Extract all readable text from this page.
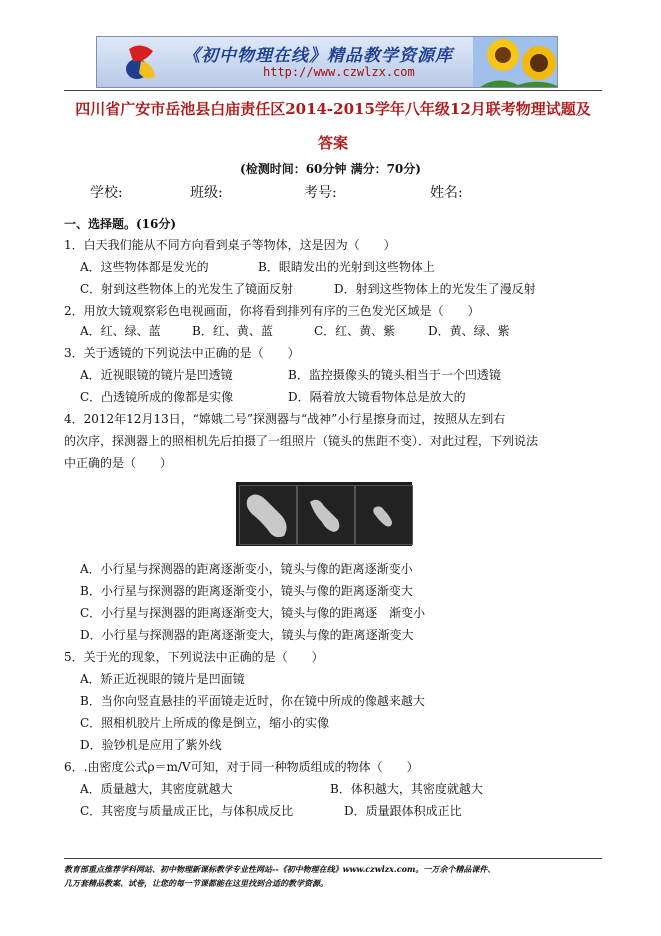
《初中物理在线》精品教学资源库
http://www.czwlzx.com
四川省广安市岳池县白庙责任区2014-2015学年八年级12月联考物理试题及
答案
(检测时间：60分钟 满分：70分)
学校:	班级:	考号:	姓名:
一、选择题。(16分)
1．白天我们能从不同方向看到桌子等物体，这是因为（　　）
A．这些物体都是发光的	B．眼睛发出的光射到这些物体上
C．射到这些物体上的光发生了镜面反射	D．射到这些物体上的光发生了漫反射
2．用放大镜观察彩色电视画面，你将看到排列有序的三色发光区域是（　　）
A．红、绿、蓝	B．红、黄、蓝	C．红、黄、紫	D．黄、绿、紫
3．关于透镜的下列说法中正确的是（　　）
A．近视眼镜的镜片是凹透镜	B．监控摄像头的镜头相当于一个凹透镜
C．凸透镜所成的像都是实像	D．隔着放大镜看物体总是放大的
4．2012年12月13日，“嫦娥二号”探测器与“战神”小行星擦身而过，按照从左到右
的次序，探测器上的照相机先后拍摄了一组照片（镜头的焦距不变）．对此过程，下列说法
中正确的是（　　）
A．小行星与探测器的距离逐渐变小，镜头与像的距离逐渐变小
B．小行星与探测器的距离逐渐变小，镜头与像的距离逐渐变大
C．小行星与探测器的距离逐渐变大，镜头与像的距离逐　渐变小
D．小行星与探测器的距离逐渐变大，镜头与像的距离逐渐变大
5．关于光的现象，下列说法中正确的是（　　）
A．矫正近视眼的镜片是凹面镜
B．当你向竖直悬挂的平面镜走近时，你在镜中所成的像越来越大
C．照相机胶片上所成的像是倒立，缩小的实像
D．验钞机是应用了紫外线
6．.由密度公式ρ＝m/V可知，对于同一种物质组成的物体（　　）
A．质量越大，其密度就越大	B．体积越大，其密度就越大
C．其密度与质量成正比，与体积成反比	D．质量跟体积成正比
教育部重点推荐学科网站、初中物理新课标教学专业性网站--《初中物理在线》www.czwlzx.com。一万余个精品课件、
几万套精品教案、试卷，让您的每一节课都能在这里找到合适的教学资源。
